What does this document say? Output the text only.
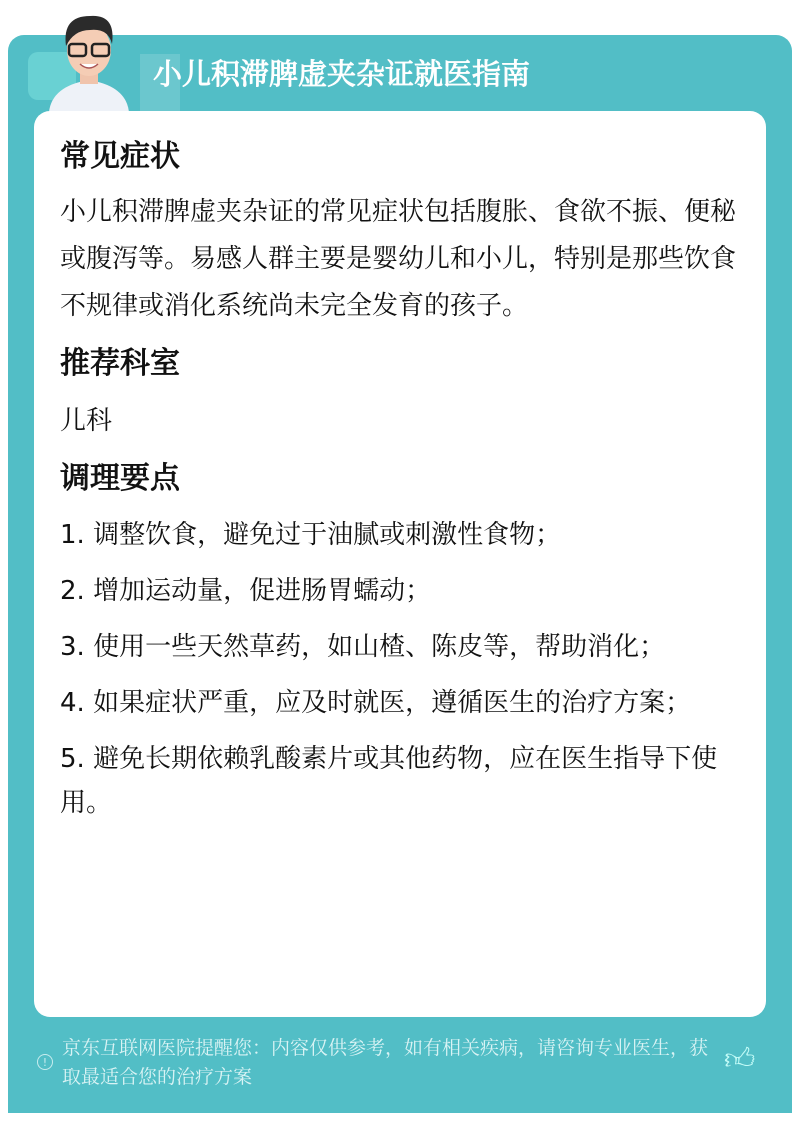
小儿积滞脾虚夹杂证就医指南
常见症状

小儿积滞脾虚夹杂证的常见症状包括腹胀、食欲不振、便秘或腹泻等。易感人群主要是婴幼儿和小儿，特别是那些饮食不规律或消化系统尚未完全发育的孩子。

推荐科室

儿科

调理要点
1. 调整饮食，避免过于油腻或刺激性食物；
2. 增加运动量，促进肠胃蠕动；
3. 使用一些天然草药，如山楂、陈皮等，帮助消化；
4. 如果症状严重，应及时就医，遵循医生的治疗方案；
5. 避免长期依赖乳酸素片或其他药物，应在医生指导下使用。
!
京东互联网医院提醒您：内容仅供参考，如有相关疾病，请咨询专业医生，获取最适合您的治疗方案	👍︎
